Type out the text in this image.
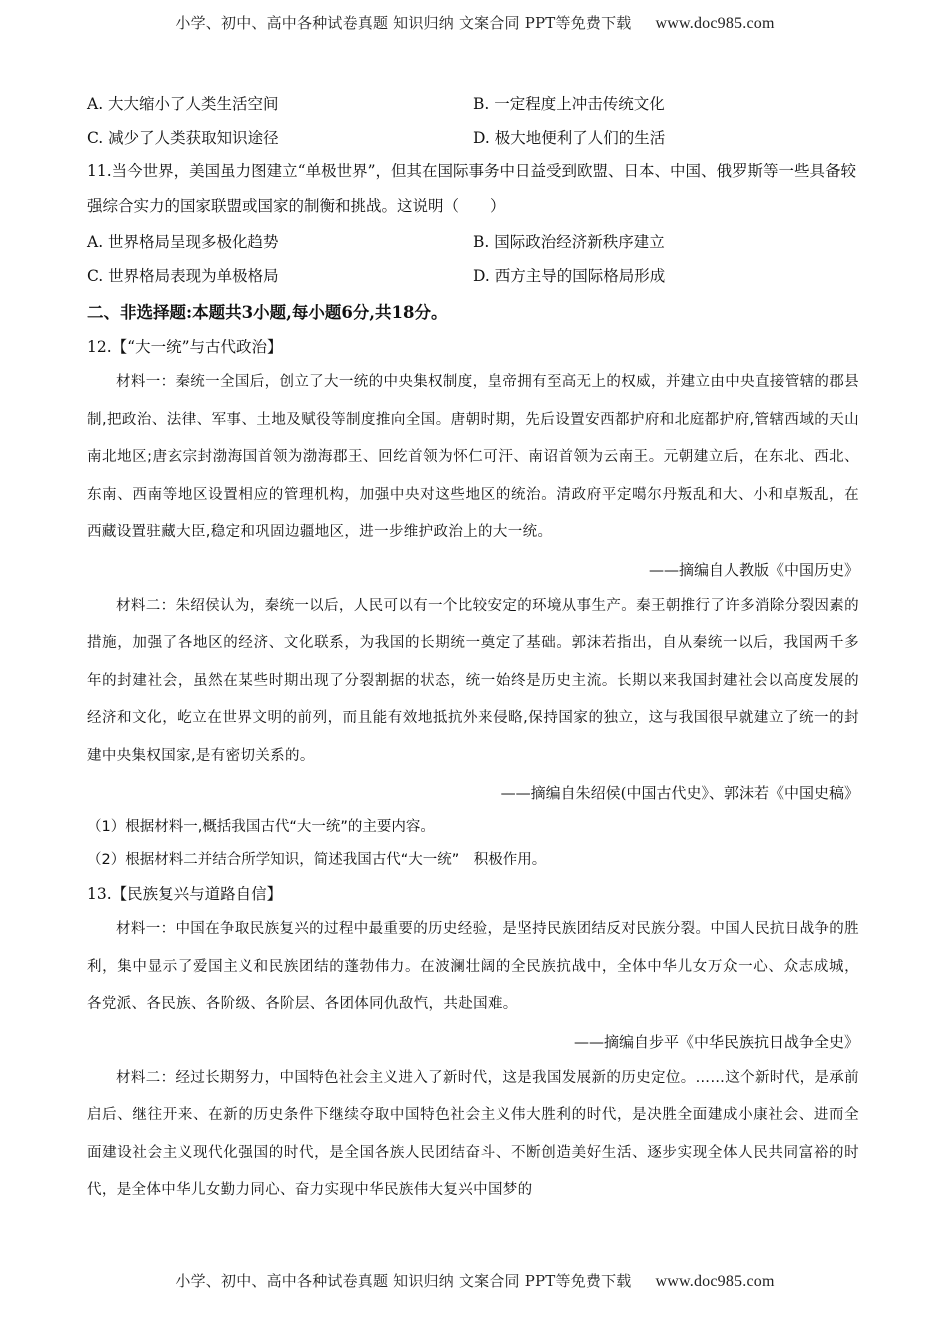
小学、初中、高中各种试卷真题 知识归纳 文案合同 PPT等免费下载 www.doc985.com
A. 大大缩小了人类生活空间	B. 一定程度上冲击传统文化
C. 减少了人类获取知识途径	D. 极大地便利了人们的生活

11.当今世界，美国虽力图建立“单极世界”，但其在国际事务中日益受到欧盟、日本、中国、俄罗斯等一些具备较强综合实力的国家联盟或国家的制衡和挑战。这说明（　　）

A. 世界格局呈现多极化趋势	B. 国际政治经济新秩序建立
C. 世界格局表现为单极格局	D. 西方主导的国际格局形成

二、非选择题:本题共3小题,每小题6分,共18分。

12.【“大一统”与古代政治】

材料一：秦统一全国后，创立了大一统的中央集权制度，皇帝拥有至高无上的权威，并建立由中央直接管辖的郡县制,把政治、法律、军事、土地及赋役等制度推向全国。唐朝时期，先后设置安西都护府和北庭都护府,管辖西域的天山南北地区;唐玄宗封渤海国首领为渤海郡王、回纥首领为怀仁可汗、南诏首领为云南王。元朝建立后，在东北、西北、东南、西南等地区设置相应的管理机构，加强中央对这些地区的统治。清政府平定噶尔丹叛乱和大、小和卓叛乱，在西藏设置驻藏大臣,稳定和巩固边疆地区，进一步维护政治上的大一统。

——摘编自人教版《中国历史》

材料二：朱绍侯认为，秦统一以后，人民可以有一个比较安定的环境从事生产。秦王朝推行了许多消除分裂因素的措施，加强了各地区的经济、文化联系，为我国的长期统一奠定了基础。郭沫若指出，自从秦统一以后，我国两千多年的封建社会，虽然在某些时期出现了分裂割据的状态，统一始终是历史主流。长期以来我国封建社会以高度发展的经济和文化，屹立在世界文明的前列，而且能有效地抵抗外来侵略,保持国家的独立，这与我国很早就建立了统一的封建中央集权国家,是有密切关系的。

——摘编自朱绍侯(中国古代史》、郭沫若《中国史稿》

（1）根据材料一,概括我国古代“大一统”的主要内容。

（2）根据材料二并结合所学知识，简述我国古代“大一统”　积极作用。

13.【民族复兴与道路自信】

材料一：中国在争取民族复兴的过程中最重要的历史经验，是坚持民族团结反对民族分裂。中国人民抗日战争的胜利，集中显示了爱国主义和民族团结的蓬勃伟力。在波澜壮阔的全民族抗战中，全体中华儿女万众一心、众志成城，各党派、各民族、各阶级、各阶层、各团体同仇敌忾，共赴国难。

——摘编自步平《中华民族抗日战争全史》

材料二：经过长期努力，中国特色社会主义进入了新时代，这是我国发展新的历史定位。……这个新时代，是承前启后、继往开来、在新的历史条件下继续夺取中国特色社会主义伟大胜利的时代，是决胜全面建成小康社会、进而全面建设社会主义现代化强国的时代，是全国各族人民团结奋斗、不断创造美好生活、逐步实现全体人民共同富裕的时代，是全体中华儿女勤力同心、奋力实现中华民族伟大复兴中国梦的

小学、初中、高中各种试卷真题 知识归纳 文案合同 PPT等免费下载 www.doc985.com
